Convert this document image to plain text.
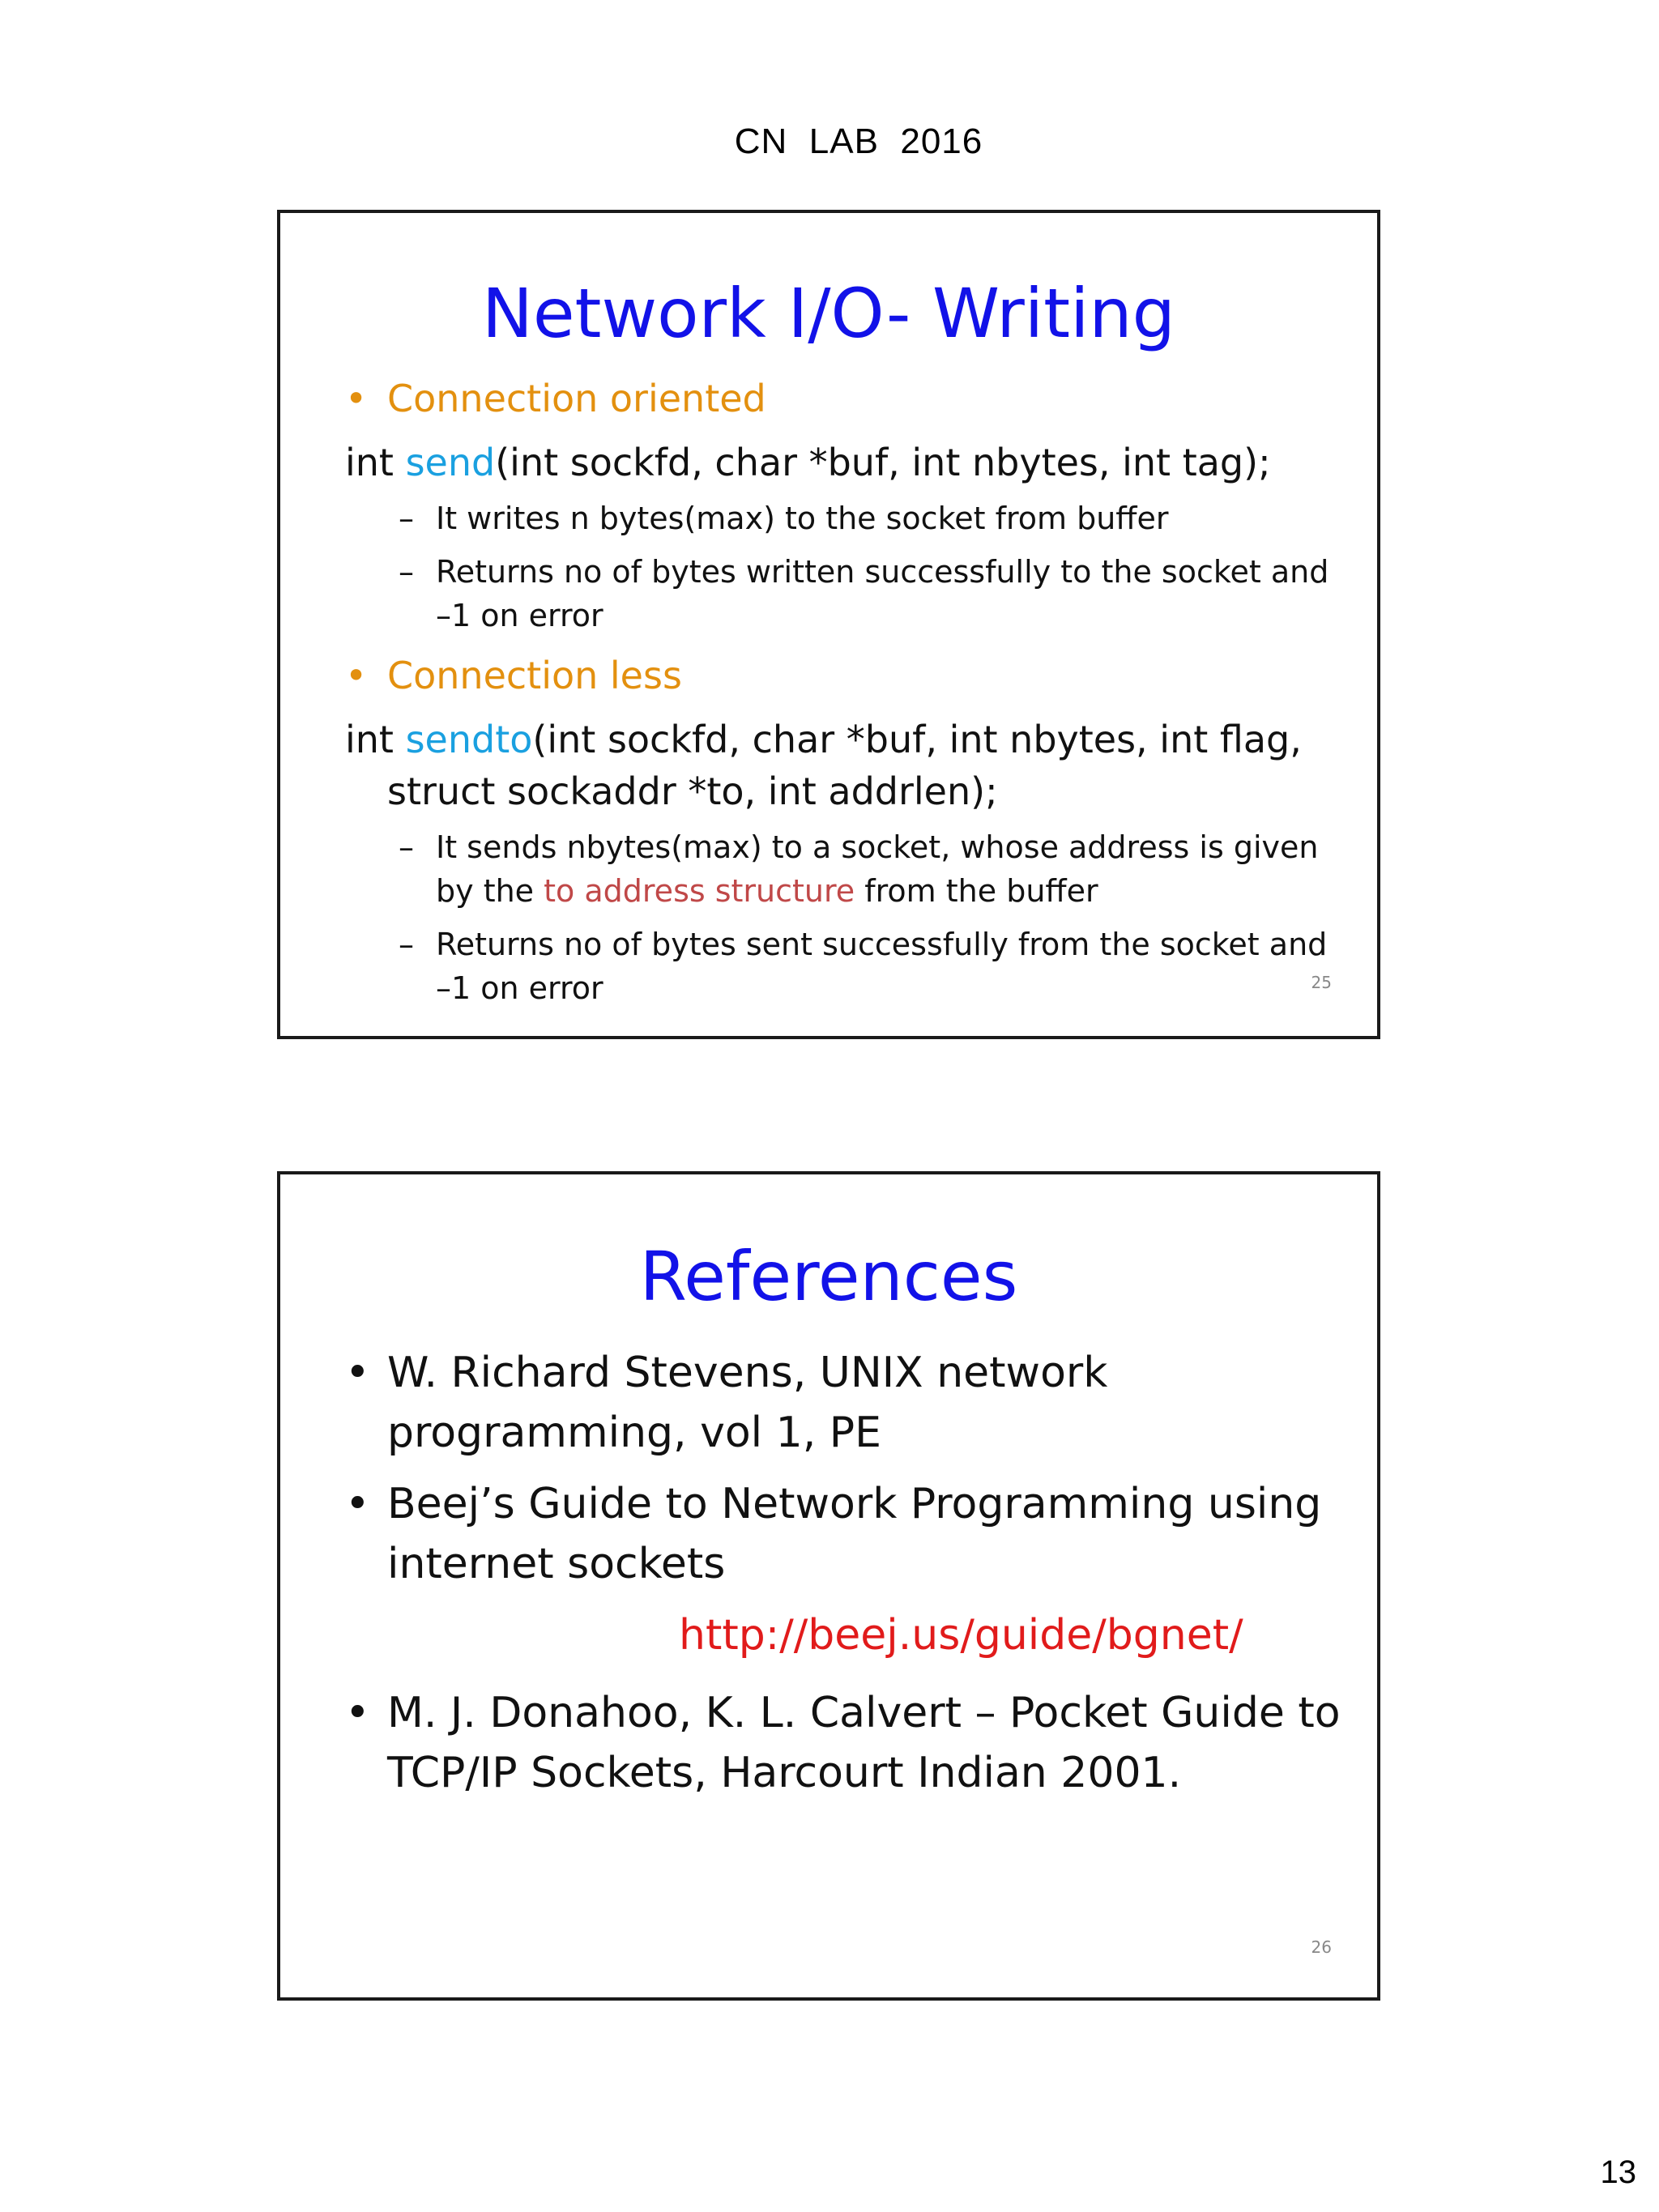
CN  LAB  2016
Network I/O- Writing
• Connection oriented
int send(int sockfd, char *buf, int nbytes, int tag);
– It writes n bytes(max) to the socket from buffer
– Returns no of bytes written successfully to the socket and –1 on error
• Connection less
int sendto(int sockfd, char *buf, int nbytes, int flag, struct sockaddr *to, int addrlen);
– It sends nbytes(max) to a socket, whose address is given by the to address structure from the buffer
– Returns no of bytes sent successfully from the socket and –1 on error	25
References
• W. Richard Stevens, UNIX network programming, vol 1, PE
• Beej’s Guide to Network Programming using internet sockets
http://beej.us/guide/bgnet/
• M. J. Donahoo, K. L. Calvert – Pocket Guide to TCP/IP Sockets, Harcourt Indian 2001.
26
13
